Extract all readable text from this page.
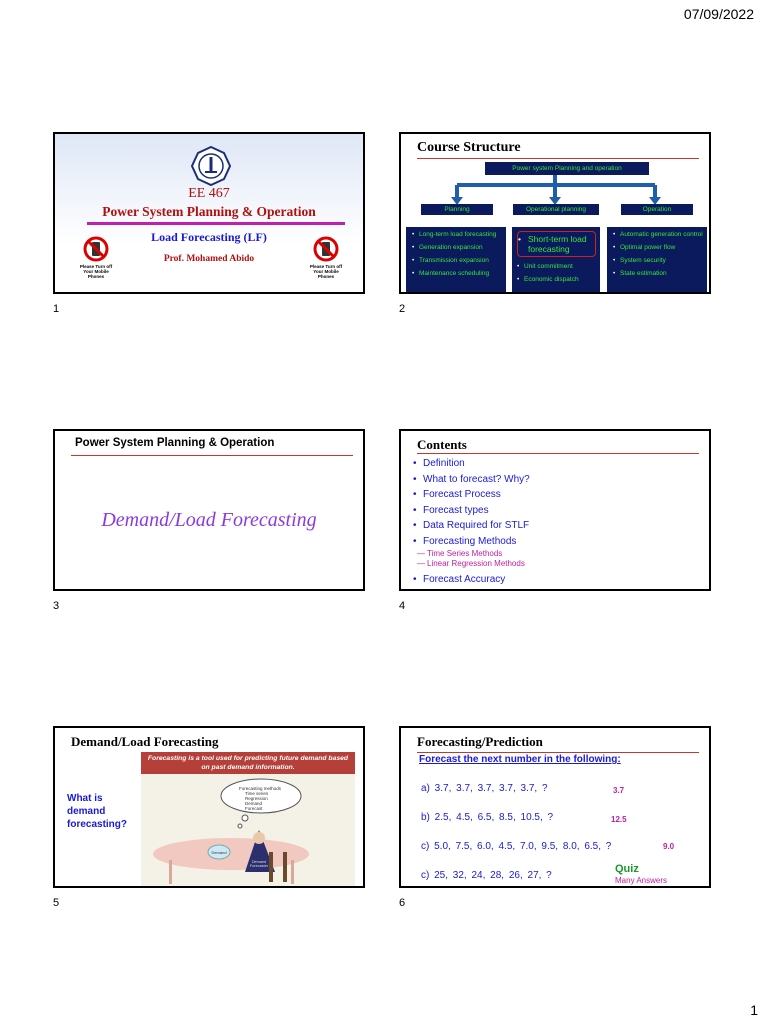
07/09/2022
EE 467
Power System Planning & Operation
Load Forecasting (LF)
Prof. Mohamed Abido
Please Turn off Your Mobile Phones
Please Turn off Your Mobile Phones
1
Course Structure
Power system Planning and operation
Planning	Operational planning	Operation
• Long-term load forecasting
• Generation expansion
• Transmission expansion
• Maintenance scheduling
• Short-term load forecasting
• Unit commitment
• Economic dispatch
• Automatic generation control
• Optimal power flow
• System security
• State estimation
2
Power System Planning & Operation
Demand/Load Forecasting
3
Contents
• Definition
• What to forecast? Why?
• Forecast Process
• Forecast types
• Data Required for STLF
• Forecasting Methods
— Time Series Methods
— Linear Regression Methods
• Forecast Accuracy
4
Demand/Load Forecasting
Forecasting is a tool used for predicting future demand based on past demand information.
What is demand forecasting?
Forecasting methods
Time series
Regression
Demand
Forecast
Demand
Demand Forecaster
5
Forecasting/Prediction
Forecast the next number in the following:
a) 3.7, 3.7, 3.7, 3.7, 3.7, ?	3.7
b) 2.5, 4.5, 6.5, 8.5, 10.5, ?	12.5
c) 5.0, 7.5, 6.0, 4.5, 7.0, 9.5, 8.0, 6.5, ?	9.0
c) 25, 32, 24, 28, 26, 27, ?
Quiz
Many Answers
6
1
